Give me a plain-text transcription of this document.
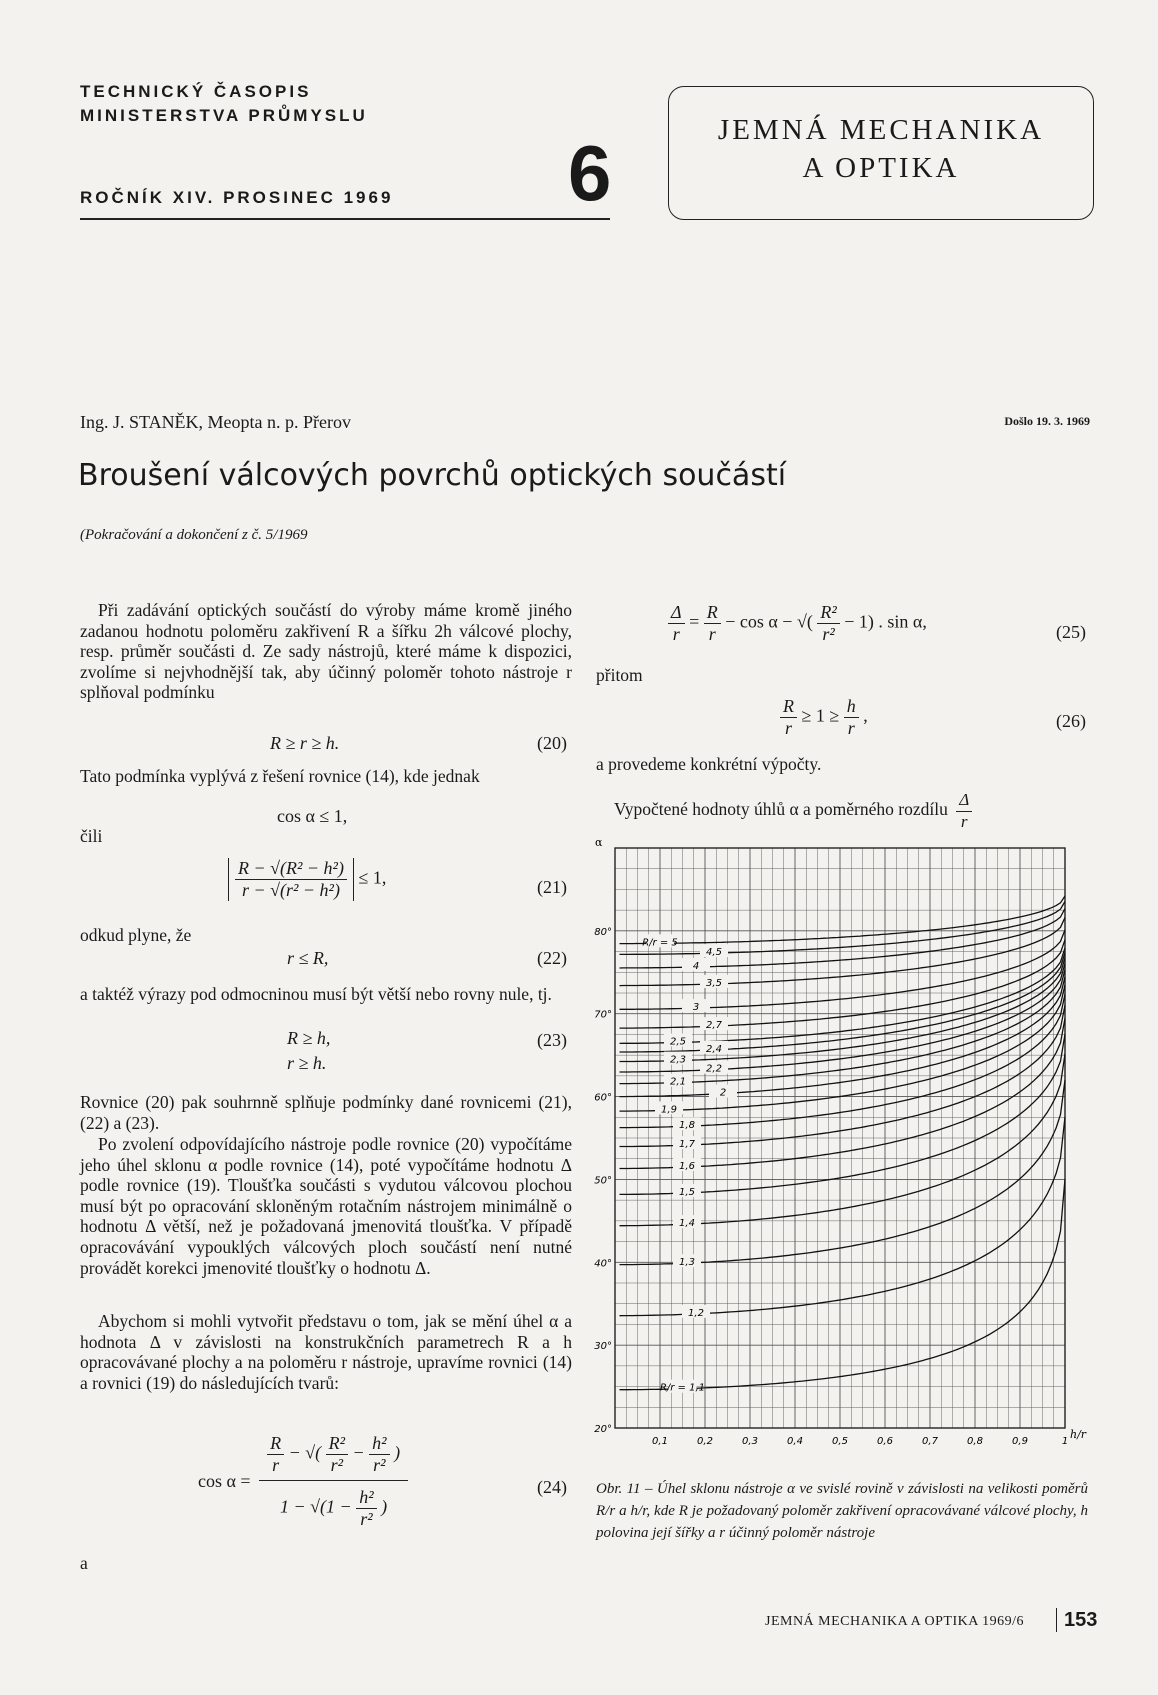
TECHNICKÝ ČASOPIS
MINISTERSTVA PRŮMYSLU
ROČNÍK XIV. PROSINEC 1969 6	JEMNÁ MECHANIKA
A OPTIKA
Ing. J. STANĚK, Meopta n. p. Přerov	Došlo 19. 3. 1969
Broušení válcových povrchů optických součástí
(Pokračování a dokončení z č. 5/1969
Při zadávání optických součástí do výroby máme kromě jiného zadanou hodnotu poloměru zakřivení R a šířku 2h válcové plochy, resp. průměr součásti d. Ze sady nástrojů, které máme k dispozici, zvolíme si nejvhodnější tak, aby účinný poloměr tohoto nástroje r splňoval podmínku
R ≥ r ≥ h.	(20)
Tato podmínka vyplývá z řešení rovnice (14), kde jednak
cos α ≤ 1,
čili
$\frac{\text{R − √(R² − h²)}}{\text{r − √(r² − h²)}} \le 1$,	(21)
odkud plyne, že
r ≤ R,	(22)
a taktéž výrazy pod odmocninou musí být větší nebo rovny nule, tj.
R ≥ h,
r ≥ h.
(23)
Rovnice (20) pak souhrnně splňuje podmínky dané rovnicemi (21), (22) a (23).
Po zvolení odpovídajícího nástroje podle rovnice (20) vypočítáme jeho úhel sklonu α podle rovnice (14), poté vypočítáme hodnotu Δ podle rovnice (19). Tloušťka součásti s vydutou válcovou plochou musí být po opracování skloněným rotačním nástrojem minimálně o hodnotu Δ větší, než je požadovaná jmenovitá tloušťka. V případě opracovávání vypouklých válcových ploch součástí není nutné provádět korekci jmenovité tloušťky o hodnotu Δ.
Abychom si mohli vytvořit představu o tom, jak se mění úhel α a hodnota Δ v závislosti na konstrukčních parametrech R a h opracovávané plochy a na poloměru r nástroje, upravíme rovnici (14) a rovnici (19) do následujících tvarů:
$\cos \alpha = \frac{\frac{R}{r} - √( \frac{\text{R²}}{\text{r²}} - \frac{\text{h²}}{\text{r²}} )}{1 - √(1 - \frac{\text{h²}}{\text{r²}} )}$	(24)
a
$\frac{\Delta}{r} = \frac{R}{r} - \cos \alpha$ − √( $\frac{\text{R²}}{\text{r²}} - 1$) . sin α,
(25)
přitom
$\frac{R}{r} \ge 1 \ge \frac{h}{r}$ ,	(26)
a provedeme konkrétní výpočty.
Vypočtené hodnoty úhlů α a poměrného rozdílu $\frac{\Delta}{r}$
20°
30°
40°
50°
60°
70°
80°
0,1	0,2	0,3	0,4	0,5	0,6	0,7	0,8	0,9	1
α
h/r
R/r = 5
4,5
4
3,5
3
2,7
2,5
2,4
2,3
2,2
2,1
2
1,9
1,8
1,7
1,6
1,5
1,4
1,3
1,2
R/r = 1,1
Obr. 11 – Úhel sklonu nástroje α ve svislé rovině v závislosti na velikosti poměrů R/r a h/r, kde R je požadovaný poloměr zakřivení opracovávané válcové plochy, h polovina její šířky a r účinný poloměr nástroje
JEMNÁ MECHANIKA A OPTIKA 1969/6 153
